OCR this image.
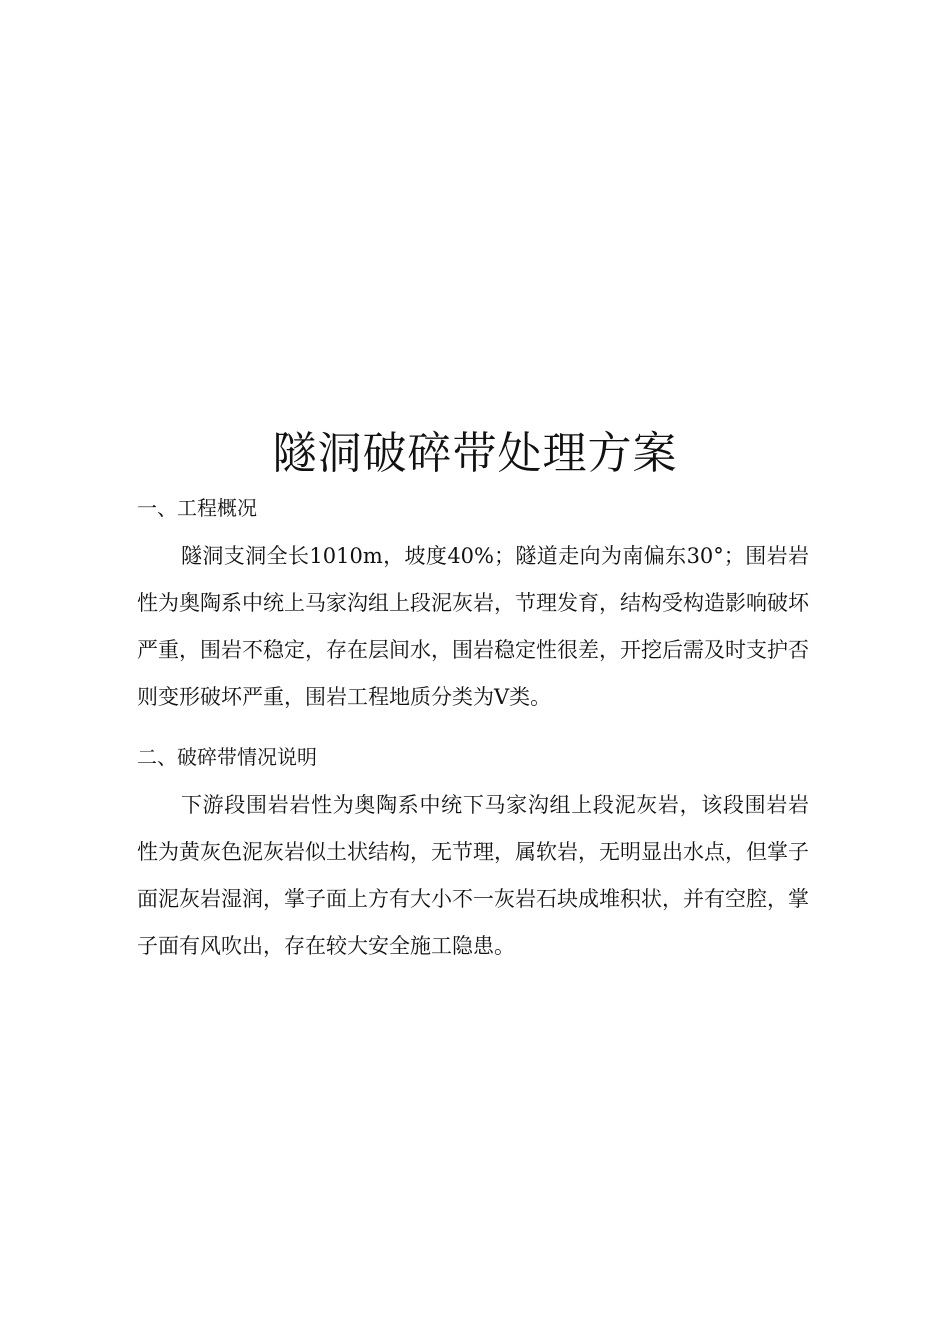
隧洞破碎带处理方案
一、工程概况

隧洞支洞全长1010m，坡度40%；隧道走向为南偏东30°；围岩岩性为奥陶系中统上马家沟组上段泥灰岩，节理发育，结构受构造影响破坏严重，围岩不稳定，存在层间水，围岩稳定性很差，开挖后需及时支护否则变形破坏严重，围岩工程地质分类为Ⅴ类。

二、破碎带情况说明

下游段围岩岩性为奥陶系中统下马家沟组上段泥灰岩，该段围岩岩性为黄灰色泥灰岩似土状结构，无节理，属软岩，无明显出水点，但掌子面泥灰岩湿润，掌子面上方有大小不一灰岩石块成堆积状，并有空腔，掌子面有风吹出，存在较大安全施工隐患。
